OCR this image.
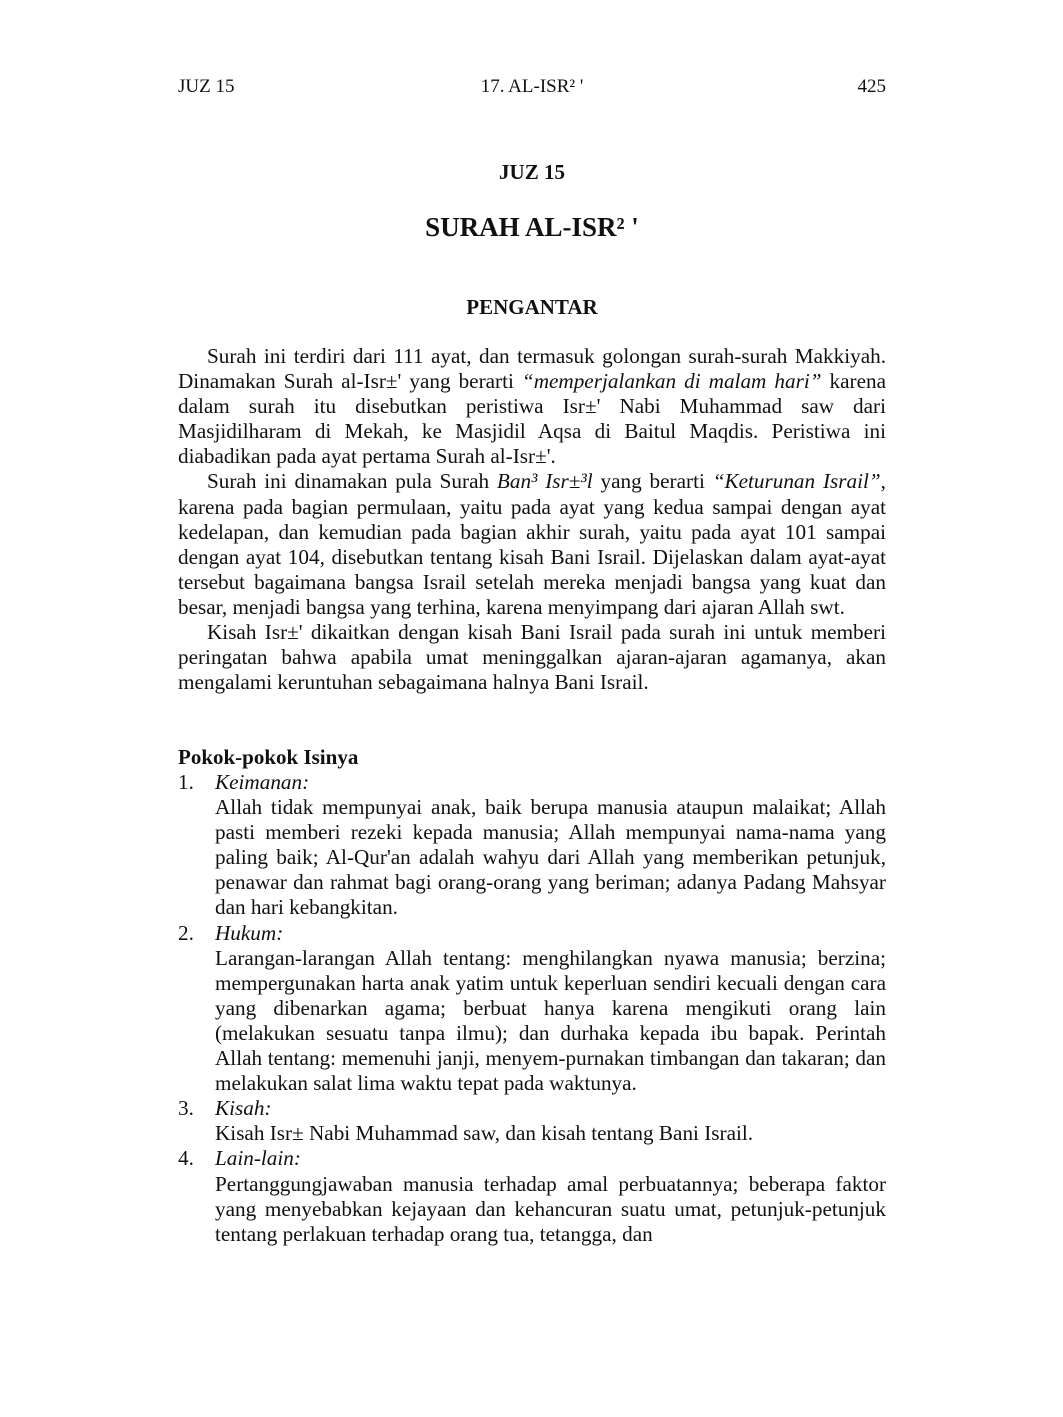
17. AL-ISR² '
JUZ 15	425
JUZ 15
SURAH AL-ISR² '
PENGANTAR

Surah ini terdiri dari 111 ayat, dan termasuk golongan surah-surah Makkiyah. Dinamakan Surah al-Isr±' yang berarti “memperjalankan di malam hari” karena dalam surah itu disebutkan peristiwa Isr±' Nabi Muhammad saw dari Masjidilharam di Mekah, ke Masjidil Aqsa di Baitul Maqdis. Peristiwa ini diabadikan pada ayat pertama Surah al-Isr±'.

Surah ini dinamakan pula Surah Ban³ Isr±³l yang berarti “Keturunan Israil”, karena pada bagian permulaan, yaitu pada ayat yang kedua sampai dengan ayat kedelapan, dan kemudian pada bagian akhir surah, yaitu pada ayat 101 sampai dengan ayat 104, disebutkan tentang kisah Bani Israil. Dijelaskan dalam ayat-ayat tersebut bagaimana bangsa Israil setelah mereka menjadi bangsa yang kuat dan besar, menjadi bangsa yang terhina, karena menyimpang dari ajaran Allah swt.

Kisah Isr±' dikaitkan dengan kisah Bani Israil pada surah ini untuk memberi peringatan bahwa apabila umat meninggalkan ajaran-ajaran agamanya, akan mengalami keruntuhan sebagaimana halnya Bani Israil.

Pokok-pokok Isinya
1. Keimanan:
Allah tidak mempunyai anak, baik berupa manusia ataupun malaikat; Allah pasti memberi rezeki kepada manusia; Allah mempunyai nama-nama yang paling baik; Al-Qur'an adalah wahyu dari Allah yang memberikan petunjuk, penawar dan rahmat bagi orang-orang yang beriman; adanya Padang Mahsyar dan hari kebangkitan.
2. Hukum:
Larangan-larangan Allah tentang: menghilangkan nyawa manusia; berzina; mempergunakan harta anak yatim untuk keperluan sendiri kecuali dengan cara yang dibenarkan agama; berbuat hanya karena mengikuti orang lain (melakukan sesuatu tanpa ilmu); dan durhaka kepada ibu bapak. Perintah Allah tentang: memenuhi janji, menyem-purnakan timbangan dan takaran; dan melakukan salat lima waktu tepat pada waktunya.
3. Kisah:
Kisah Isr± Nabi Muhammad saw, dan kisah tentang Bani Israil.
4. Lain-lain:
Pertanggungjawaban manusia terhadap amal perbuatannya; beberapa faktor yang menyebabkan kejayaan dan kehancuran suatu umat, petunjuk-petunjuk tentang perlakuan terhadap orang tua, tetangga, dan
